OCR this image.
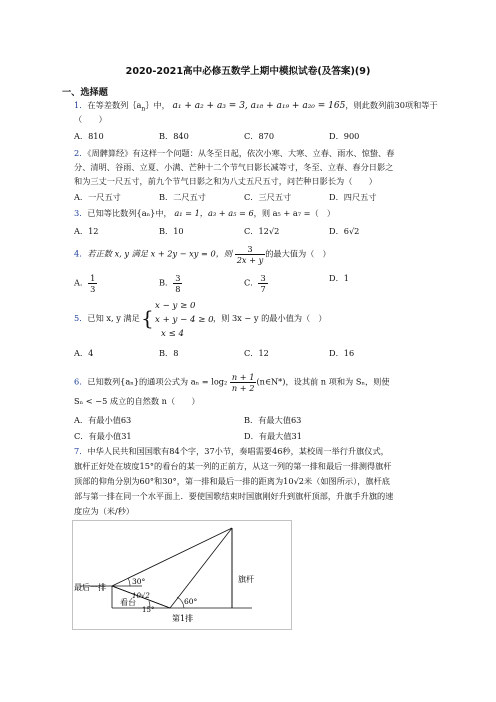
2020-2021高中必修五数学上期中模拟试卷(及答案)(9)
一、选择题
1．在等差数列$\{a_n\}$中， a₁ + a₂ + a₃ = 3, a₁₈ + a₁₉ + a₂₀ = 165，则此数列前30项和等于
（　　）
A．810	B．840	C．870	D．900
2．《周髀算经》有这样一个问题：从冬至日起，依次小寒、大寒、立春、雨水、惊蛰、春
分、清明、谷雨、立夏、小满、芒种十二个节气日影长减等寸，冬至、立春、春分日影之
和为三丈一尺五寸，前九个节气日影之和为八丈五尺五寸，问芒种日影长为（　　）
A．一尺五寸	B．二尺五寸	C．三尺五寸	D．四尺五寸
3．已知等比数列{aₙ}中， a₁ = 1，a₃ + a₅ = 6，则 a₅ + a₇ =（　）
A．12	B．10	C．12√2	D．6√2
4．若正数 x, y 满足 x + 2y − xy = 0，则 $\frac{3}{2x + y}$ 的最大值为（　）
A． $\frac{1}{3}$	B． $\frac{3}{8}$	C． $\frac{3}{7}$	D．1
5．已知 x, y 满足 { x − y ≥ 0
x + y − 4 ≥ 0
x ≤ 4
，则 3x − y 的最小值为（　）
A．4	B．8	C．12	D．16
6．已知数列{aₙ}的通项公式为 $a_n = \log_2 \frac{n + 1}{n + 2}$ (n∈N*)，设其前 n 项和为 Sₙ，则使
Sₙ < −5 成立的自然数 n（　　）
A．有最小值63	B．有最大值63
C．有最小值31	D．有最大值31
7．中华人民共和国国歌有84个字，37小节，奏唱需要46秒，某校周一举行升旗仪式，
旗杆正好处在坡度15°的看台的某一列的正前方，从这一列的第一排和最后一排测得旗杆
顶部的仰角分别为60°和30°，第一排和最后一排的距离为10√2米（如图所示），旗杆底
部与第一排在同一个水平面上．要使国歌结束时国旗刚好升到旗杆顶部，升旗手升旗的速
度应为（米/秒）
最后一排
看台
第1排
旗杆
30°
15°
60°
10√2
